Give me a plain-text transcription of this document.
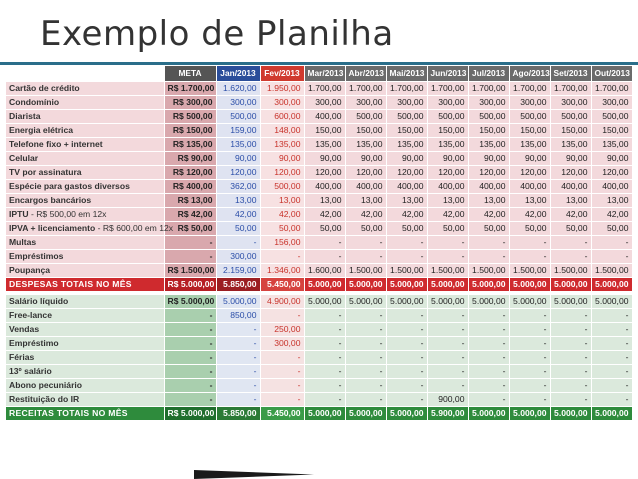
Exemplo de Planilha
	META	Jan/2013	Fev/2013	Mar/2013	Abr/2013	Mai/2013	Jun/2013	Jul/2013	Ago/2013	Set/2013	Out/2013
Cartão de crédito	R$ 1.700,00	1.620,00	1.950,00	1.700,00	1.700,00	1.700,00	1.700,00	1.700,00	1.700,00	1.700,00	1.700,00
Condomínio	R$ 300,00	300,00	300,00	300,00	300,00	300,00	300,00	300,00	300,00	300,00	300,00
Diarista	R$ 500,00	500,00	600,00	400,00	500,00	500,00	500,00	500,00	500,00	500,00	500,00
Energia elétrica	R$ 150,00	159,00	148,00	150,00	150,00	150,00	150,00	150,00	150,00	150,00	150,00
Telefone fixo + internet	R$ 135,00	135,00	135,00	135,00	135,00	135,00	135,00	135,00	135,00	135,00	135,00
Celular	R$ 90,00	90,00	90,00	90,00	90,00	90,00	90,00	90,00	90,00	90,00	90,00
TV por assinatura	R$ 120,00	120,00	120,00	120,00	120,00	120,00	120,00	120,00	120,00	120,00	120,00
Espécie para gastos diversos	R$ 400,00	362,00	500,00	400,00	400,00	400,00	400,00	400,00	400,00	400,00	400,00
Encargos bancários	R$ 13,00	13,00	13,00	13,00	13,00	13,00	13,00	13,00	13,00	13,00	13,00
IPTU - R$ 500,00 em 12x	R$ 42,00	42,00	42,00	42,00	42,00	42,00	42,00	42,00	42,00	42,00	42,00
IPVA + licenciamento - R$ 600,00 em 12x	R$ 50,00	50,00	50,00	50,00	50,00	50,00	50,00	50,00	50,00	50,00	50,00
Multas	-	-	156,00	-	-	-	-	-	-	-	-
Empréstimos	-	300,00	-	-	-	-	-	-	-	-	-
Poupança	R$ 1.500,00	2.159,00	1.346,00	1.600,00	1.500,00	1.500,00	1.500,00	1.500,00	1.500,00	1.500,00	1.500,00
DESPESAS TOTAIS NO MÊS	R$ 5.000,00	5.850,00	5.450,00	5.000,00	5.000,00	5.000,00	5.000,00	5.000,00	5.000,00	5.000,00	5.000,00

Salário líquido	R$ 5.000,00	5.000,00	4.900,00	5.000,00	5.000,00	5.000,00	5.000,00	5.000,00	5.000,00	5.000,00	5.000,00
Free-lance	-	850,00	-	-	-	-	-	-	-	-	-
Vendas	-	-	250,00	-	-	-	-	-	-	-	-
Empréstimo	-	-	300,00	-	-	-	-	-	-	-	-
Férias	-	-	-	-	-	-	-	-	-	-	-
13º salário	-	-	-	-	-	-	-	-	-	-	-
Abono pecuniário	-	-	-	-	-	-	-	-	-	-	-
Restituição do IR	-	-	-	-	-	-	900,00	-	-	-	-
RECEITAS TOTAIS NO MÊS	R$ 5.000,00	5.850,00	5.450,00	5.000,00	5.000,00	5.000,00	5.900,00	5.000,00	5.000,00	5.000,00	5.000,00
